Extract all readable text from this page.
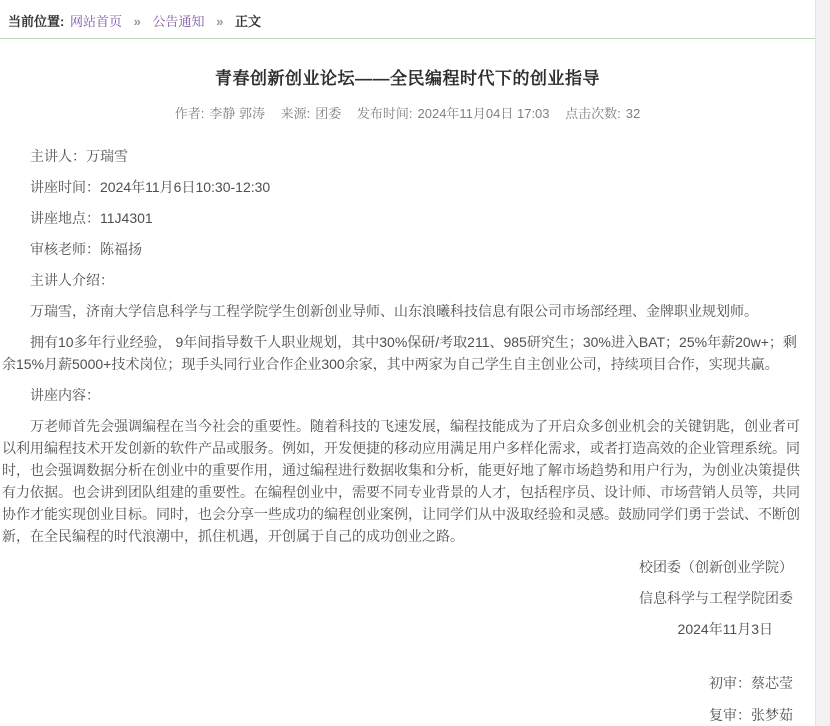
当前位置: 网站首页 » 公告通知 » 正文
青春创新创业论坛——全民编程时代下的创业指导
作者: 李静 郭涛 来源: 团委 发布时间: 2024年11月04日 17:03 点击次数: 32

主讲人：万瑞雪

讲座时间：2024年11月6日10:30-12:30

讲座地点：11J4301

审核老师：陈福扬

主讲人介绍：

万瑞雪，济南大学信息科学与工程学院学生创新创业导师、山东浪曦科技信息有限公司市场部经理、金牌职业规划师。

拥有10多年行业经验， 9年间指导数千人职业规划，其中30%保研/考取211、985研究生；30%进入BAT；25%年薪20w+；剩余15%月薪5000+技术岗位；现手头同行业合作企业300余家，其中两家为自己学生自主创业公司，持续项目合作，实现共赢。

讲座内容：

万老师首先会强调编程在当今社会的重要性。随着科技的飞速发展，编程技能成为了开启众多创业机会的关键钥匙，创业者可以利用编程技术开发创新的软件产品或服务。例如，开发便捷的移动应用满足用户多样化需求，或者打造高效的企业管理系统。同时，也会强调数据分析在创业中的重要作用，通过编程进行数据收集和分析，能更好地了解市场趋势和用户行为，为创业决策提供有力依据。也会讲到团队组建的重要性。在编程创业中，需要不同专业背景的人才，包括程序员、设计师、市场营销人员等，共同协作才能实现创业目标。同时，也会分享一些成功的编程创业案例，让同学们从中汲取经验和灵感。鼓励同学们勇于尝试、不断创新，在全民编程的时代浪潮中，抓住机遇，开创属于自己的成功创业之路。

校团委（创新创业学院）

信息科学与工程学院团委

2024年11月3日

初审：蔡芯莹

复审：张梦茹
